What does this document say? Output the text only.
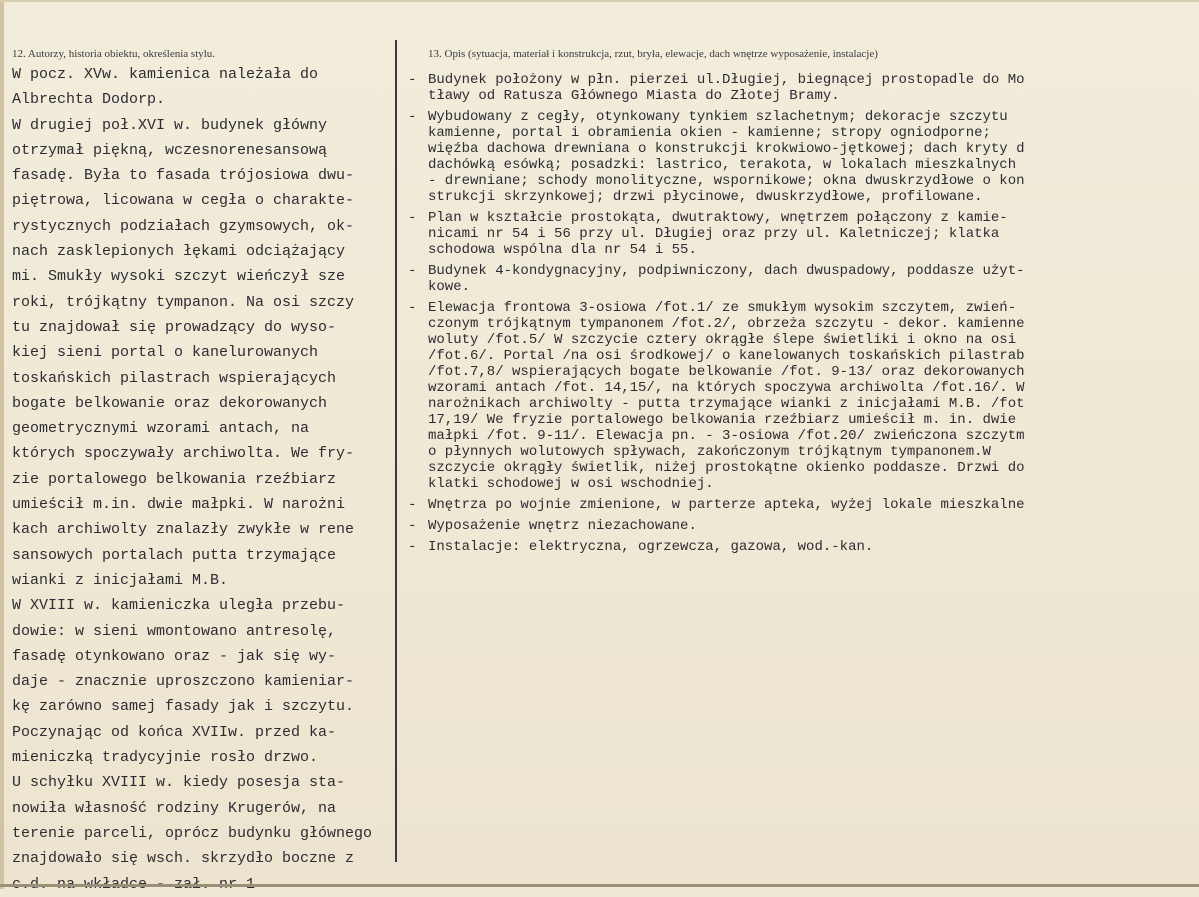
12. Autorzy, historia obiektu, określenia stylu.	13. Opis (sytuacja, materiał i konstrukcja, rzut, bryła, elewacje, dach wnętrze wyposażenie, instalacje)
W pocz. XVw. kamienica należała do
Albrechta Dodorp.
W drugiej poł.XVI w. budynek główny
otrzymał piękną, wczesnorenesansową
fasadę. Była to fasada trójosiowa dwu-
piętrowa, licowana w cegła o charakte-
rystycznych podziałach gzymsowych, ok-
nach zasklepionych łękami odciążający
mi. Smukły wysoki szczyt wieńczył sze
roki, trójkątny tympanon. Na osi szczy
tu znajdował się prowadzący do wyso-
kiej sieni portal o kanelurowanych
toskańskich pilastrach wspierających
bogate belkowanie oraz dekorowanych
geometrycznymi wzorami antach, na
których spoczywały archiwolta. We fry-
zie portalowego belkowania rzeźbiarz
umieścił m.in. dwie małpki. W narożni
kach archiwolty znalazły zwykłe w rene
sansowych portalach putta trzymające
wianki z inicjałami M.B.
W XVIII w. kamieniczka uległa przebu-
dowie: w sieni wmontowano antresolę,
fasadę otynkowano oraz - jak się wy-
daje - znacznie uproszczono kamieniar-
kę zarówno samej fasady jak i szczytu.
Poczynając od końca XVIIw. przed ka-
mieniczką tradycyjnie rosło drzwo.
U schyłku XVIII w. kiedy posesja sta-
nowiła własność rodziny Krugerów, na
terenie parceli, oprócz budynku głównego
znajdowało się wsch. skrzydło boczne z
- Budynek położony w płn. pierzei ul.Długiej, biegnącej prostopadle do Mo
tławy od Ratusza Głównego Miasta do Złotej Bramy.
- Wybudowany z cegły, otynkowany tynkiem szlachetnym; dekoracje szczytu
kamienne, portal i obramienia okien - kamienne; stropy ogniodporne;
więźba dachowa drewniana o konstrukcji krokwiowo-jętkowej; dach kryty d
dachówką esówką; posadzki: lastrico, terakota, w lokalach mieszkalnych
- drewniane; schody monolityczne, wspornikowe; okna dwuskrzydłowe o kon
strukcji skrzynkowej; drzwi płycinowe, dwuskrzydłowe, profilowane.
- Plan w kształcie prostokąta, dwutraktowy, wnętrzem połączony z kamie-
nicami nr 54 i 56 przy ul. Długiej oraz przy ul. Kaletniczej; klatka
schodowa wspólna dla nr 54 i 55.
- Budynek 4-kondygnacyjny, podpiwniczony, dach dwuspadowy, poddasze użyt-
kowe.
- Elewacja frontowa 3-osiowa /fot.1/ ze smukłym wysokim szczytem, zwień-
czonym trójkątnym tympanonem /fot.2/, obrzeża szczytu - dekor. kamienne
woluty /fot.5/ W szczycie cztery okrągłe ślepe świetliki i okno na osi
/fot.6/. Portal /na osi środkowej/ o kanelowanych toskańskich pilastrab
/fot.7,8/ wspierających bogate belkowanie /fot. 9-13/ oraz dekorowanych
wzorami antach /fot. 14,15/, na których spoczywa archiwolta /fot.16/. W
narożnikach archiwolty - putta trzymające wianki z inicjałami M.B. /fot
17,19/ We fryzie portalowego belkowania rzeźbiarz umieścił m. in. dwie
małpki /fot. 9-11/. Elewacja pn. - 3-osiowa /fot.20/ zwieńczona szczytm
o płynnych wolutowych spływach, zakończonym trójkątnym tympanonem.W
szczycie okrągły świetlik, niżej prostokątne okienko poddasze. Drzwi do
klatki schodowej w osi wschodniej.
- Wnętrza po wojnie zmienione, w parterze apteka, wyżej lokale mieszkalne
- Wyposażenie wnętrz niezachowane.
- Instalacje: elektryczna, ogrzewcza, gazowa, wod.-kan.
